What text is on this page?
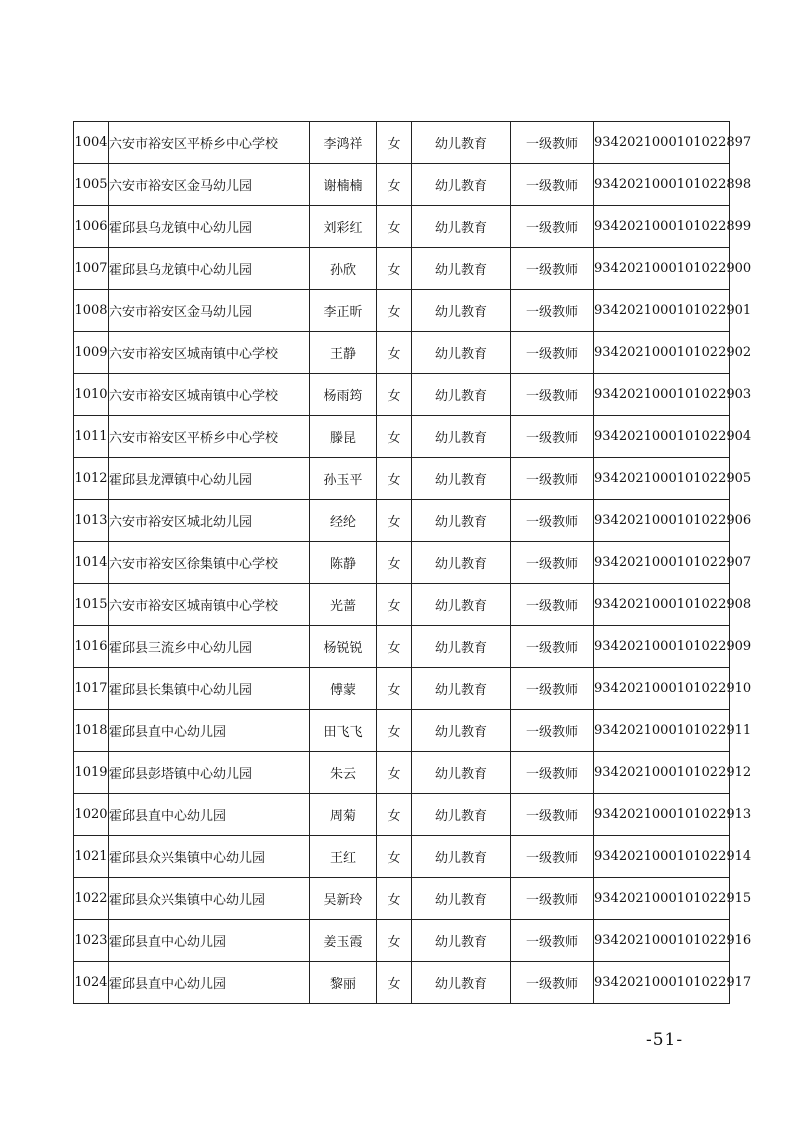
1004	六安市裕安区平桥乡中心学校	李鸿祥	女	幼儿教育	一级教师	9342021000101022897
1005	六安市裕安区金马幼儿园	谢楠楠	女	幼儿教育	一级教师	9342021000101022898
1006	霍邱县乌龙镇中心幼儿园	刘彩红	女	幼儿教育	一级教师	9342021000101022899
1007	霍邱县乌龙镇中心幼儿园	孙欣	女	幼儿教育	一级教师	9342021000101022900
1008	六安市裕安区金马幼儿园	李正昕	女	幼儿教育	一级教师	9342021000101022901
1009	六安市裕安区城南镇中心学校	王静	女	幼儿教育	一级教师	9342021000101022902
1010	六安市裕安区城南镇中心学校	杨雨筠	女	幼儿教育	一级教师	9342021000101022903
1011	六安市裕安区平桥乡中心学校	滕昆	女	幼儿教育	一级教师	9342021000101022904
1012	霍邱县龙潭镇中心幼儿园	孙玉平	女	幼儿教育	一级教师	9342021000101022905
1013	六安市裕安区城北幼儿园	经纶	女	幼儿教育	一级教师	9342021000101022906
1014	六安市裕安区徐集镇中心学校	陈静	女	幼儿教育	一级教师	9342021000101022907
1015	六安市裕安区城南镇中心学校	光蔷	女	幼儿教育	一级教师	9342021000101022908
1016	霍邱县三流乡中心幼儿园	杨锐锐	女	幼儿教育	一级教师	9342021000101022909
1017	霍邱县长集镇中心幼儿园	傅蒙	女	幼儿教育	一级教师	9342021000101022910
1018	霍邱县直中心幼儿园	田飞飞	女	幼儿教育	一级教师	9342021000101022911
1019	霍邱县彭塔镇中心幼儿园	朱云	女	幼儿教育	一级教师	9342021000101022912
1020	霍邱县直中心幼儿园	周菊	女	幼儿教育	一级教师	9342021000101022913
1021	霍邱县众兴集镇中心幼儿园	王红	女	幼儿教育	一级教师	9342021000101022914
1022	霍邱县众兴集镇中心幼儿园	吴新玲	女	幼儿教育	一级教师	9342021000101022915
1023	霍邱县直中心幼儿园	姜玉霞	女	幼儿教育	一级教师	9342021000101022916
1024	霍邱县直中心幼儿园	黎丽	女	幼儿教育	一级教师	9342021000101022917
-51-
